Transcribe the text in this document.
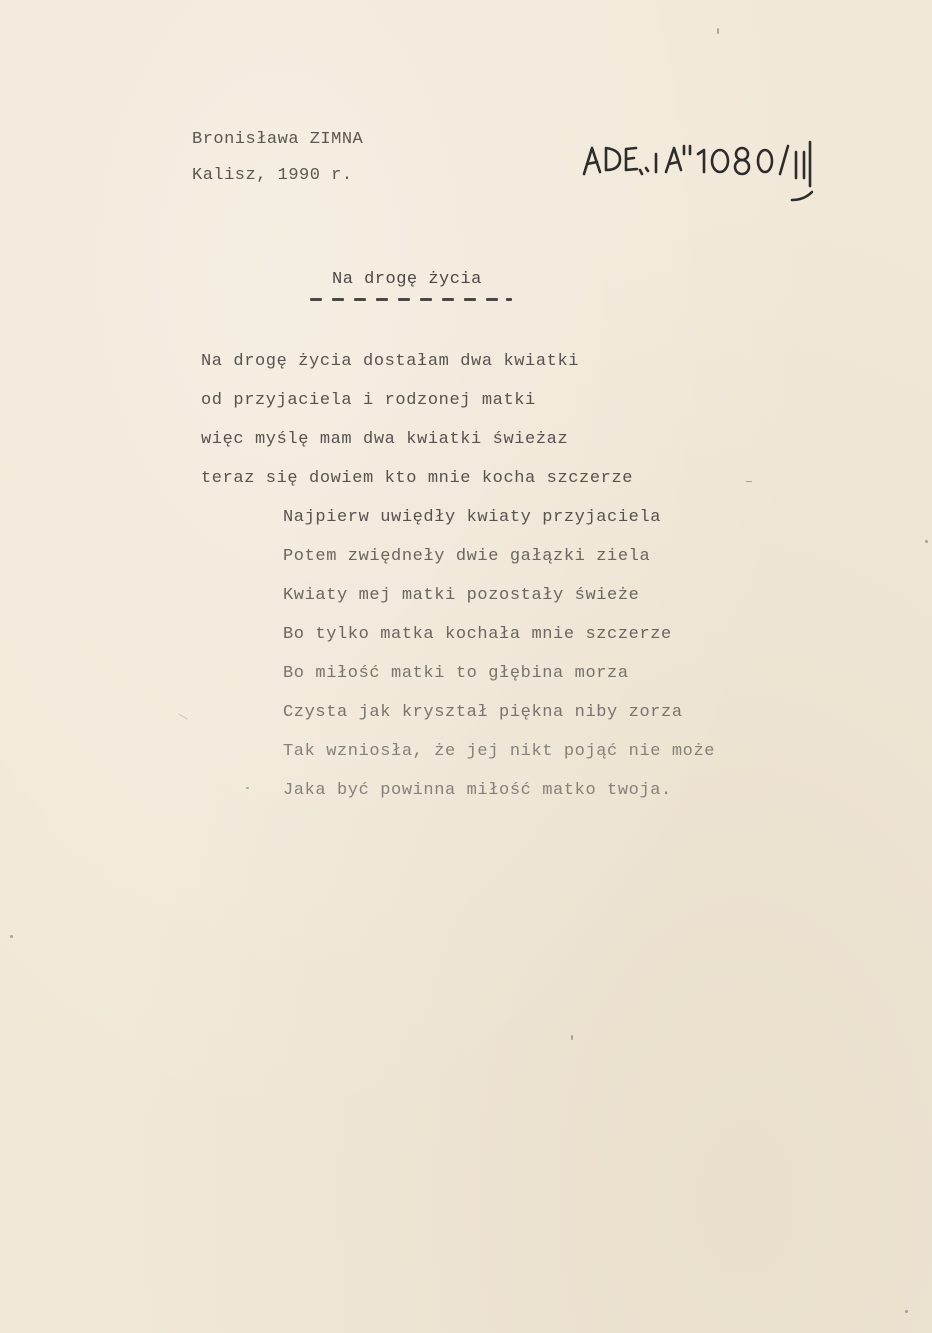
Bronisława ZIMNA
Kalisz, 1990 r.
Na drogę życia
Na drogę życia dostałam dwa kwiatki
od przyjaciela i rodzonej matki
więc myślę mam dwa kwiatki świeżaz
teraz się dowiem kto mnie kocha szczerze
Najpierw uwiędły kwiaty przyjaciela
Potem zwiędneły dwie gałązki ziela
Kwiaty mej matki pozostały świeże
Bo tylko matka kochała mnie szczerze
Bo miłość matki to głębina morza
Czysta jak kryształ piękna niby zorza
Tak wzniosła, że jej nikt pojąć nie może
Jaka być powinna miłość matko twoja.
